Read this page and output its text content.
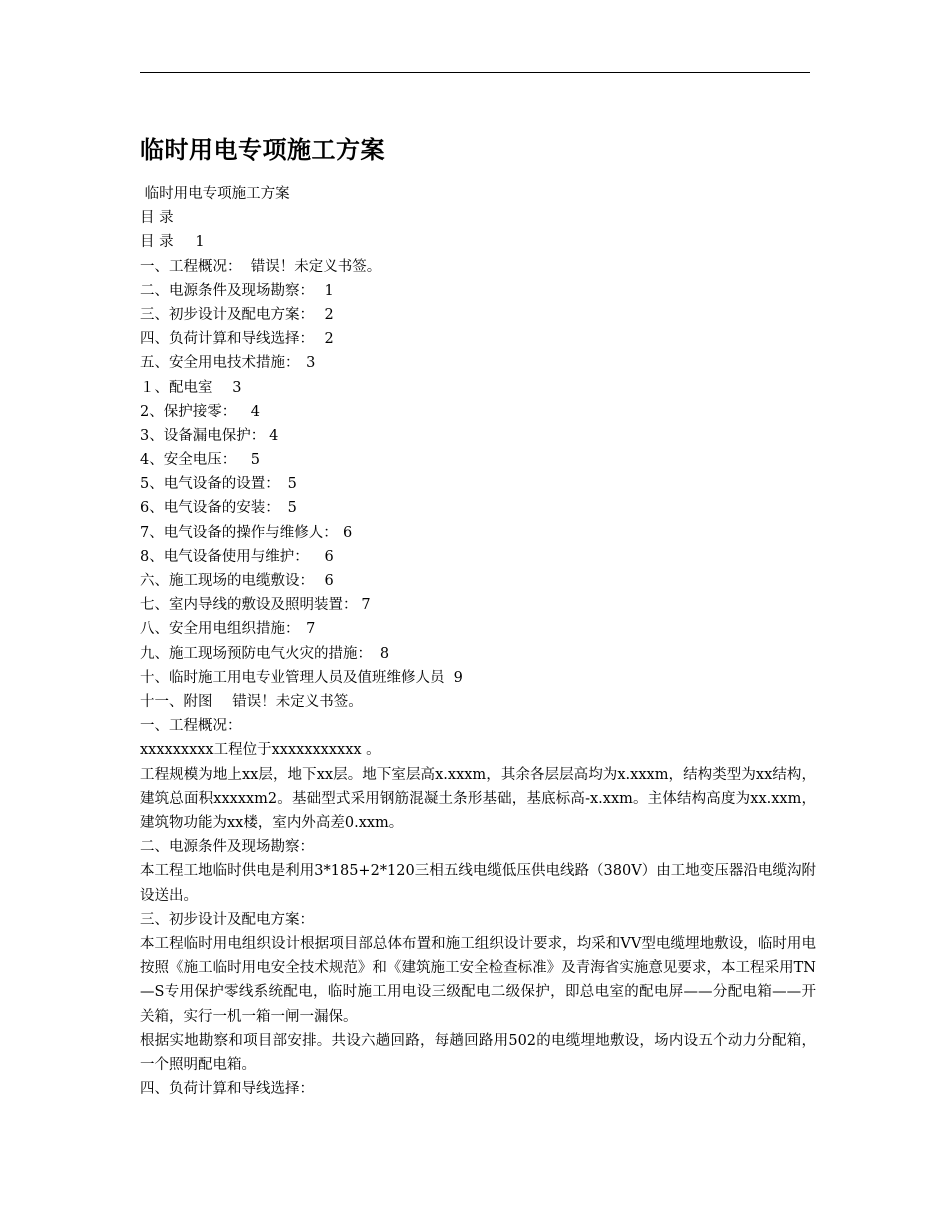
临时用电专项施工方案
临时用电专项施工方案
目 录
目 录	1
一、工程概况：	错误！未定义书签。
二、电源条件及现场勘察：	1
三、初步设计及配电方案：	2
四、负荷计算和导线选择：	2
五、安全用电技术措施：	3
１、配电室	3
2、保护接零：	4
3、设备漏电保护：	4
4、安全电压：	5
5、电气设备的设置：	5
6、电气设备的安装：	5
7、电气设备的操作与维修人：	6
8、电气设备使用与维护：	6
六、施工现场的电缆敷设：	6
七、室内导线的敷设及照明装置：	7
八、安全用电组织措施：	7
九、施工现场预防电气火灾的措施：	8
十、临时施工用电专业管理人员及值班维修人员	9
十一、附图	错误！未定义书签。
一、工程概况：
xxxxxxxxx工程位于xxxxxxxxxxx 。
工程规模为地上xx层，地下xx层。地下室层高x.xxxm，其余各层层高均为x.xxxm，结构类型为xx结构，建筑总面积xxxxxm2。基础型式采用钢筋混凝土条形基础，基底标高-x.xxm。主体结构高度为xx.xxm，建筑物功能为xx楼，室内外高差0.xxm。
二、电源条件及现场勘察：
本工程工地临时供电是利用3*185+2*120三相五线电缆低压供电线路（380V）由工地变压器沿电缆沟附设送出。
三、初步设计及配电方案：
本工程临时用电组织设计根据项目部总体布置和施工组织设计要求，均采和VV型电缆埋地敷设，临时用电按照《施工临时用电安全技术规范》和《建筑施工安全检查标准》及青海省实施意见要求，本工程采用TN—S专用保护零线系统配电，临时施工用电设三级配电二级保护，即总电室的配电屏——分配电箱——开关箱，实行一机一箱一闸一漏保。
根据实地勘察和项目部安排。共设六趟回路，每趟回路用502的电缆埋地敷设，场内设五个动力分配箱，一个照明配电箱。
四、负荷计算和导线选择：
